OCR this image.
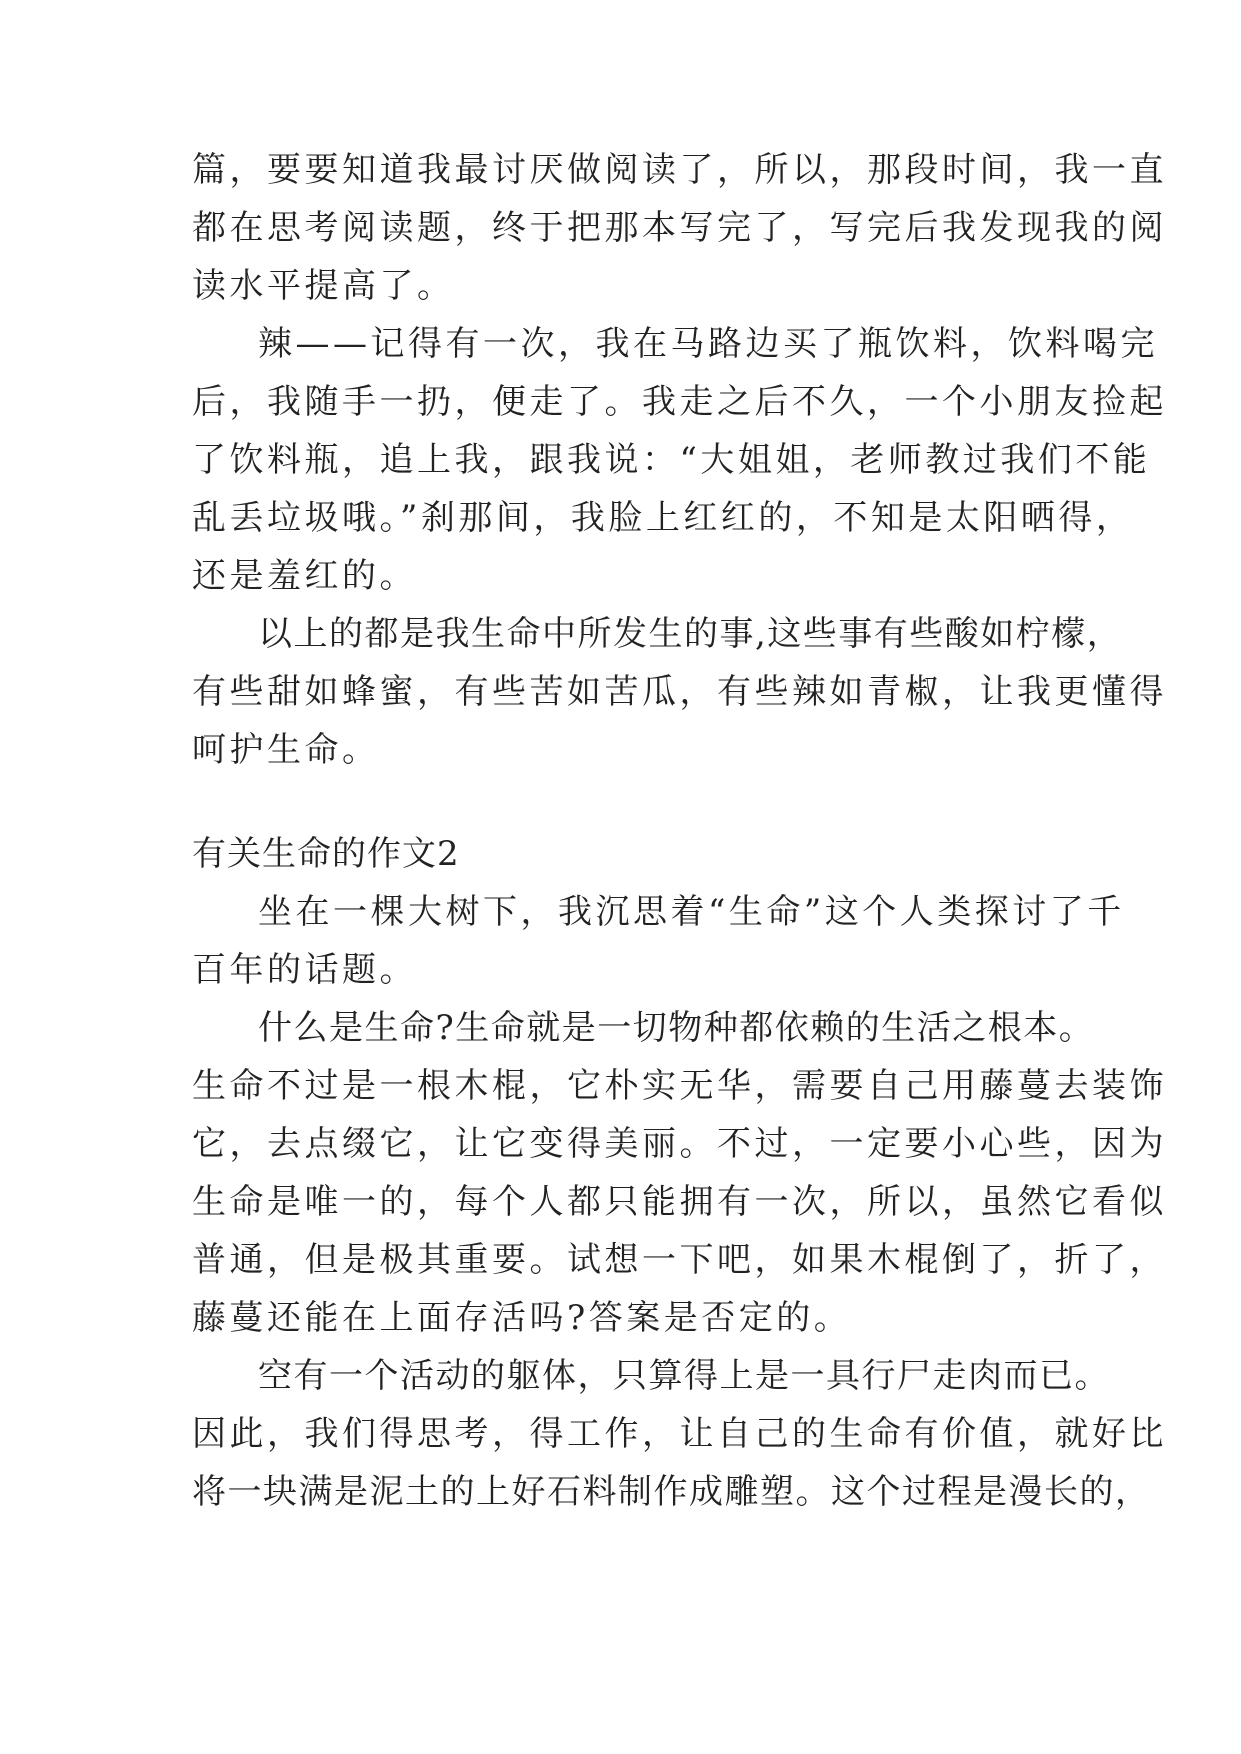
篇，要要知道我最讨厌做阅读了，所以，那段时间，我一直
都在思考阅读题，终于把那本写完了，写完后我发现我的阅
读水平提高了。
辣——记得有一次，我在马路边买了瓶饮料，饮料喝完
后，我随手一扔，便走了。我走之后不久，一个小朋友捡起
了饮料瓶，追上我，跟我说：“大姐姐，老师教过我们不能
乱丢垃圾哦。”刹那间，我脸上红红的，不知是太阳晒得，
还是羞红的。
以上的都是我生命中所发生的事,这些事有些酸如柠檬，
有些甜如蜂蜜，有些苦如苦瓜，有些辣如青椒，让我更懂得
呵护生命。
有关生命的作文2
坐在一棵大树下，我沉思着“生命”这个人类探讨了千
百年的话题。
什么是生命?生命就是一切物种都依赖的生活之根本。
生命不过是一根木棍，它朴实无华，需要自己用藤蔓去装饰
它，去点缀它，让它变得美丽。不过，一定要小心些，因为
生命是唯一的，每个人都只能拥有一次，所以，虽然它看似
普通，但是极其重要。试想一下吧，如果木棍倒了，折了，
藤蔓还能在上面存活吗?答案是否定的。
空有一个活动的躯体，只算得上是一具行尸走肉而已。
因此，我们得思考，得工作，让自己的生命有价值，就好比
将一块满是泥土的上好石料制作成雕塑。这个过程是漫长的，
